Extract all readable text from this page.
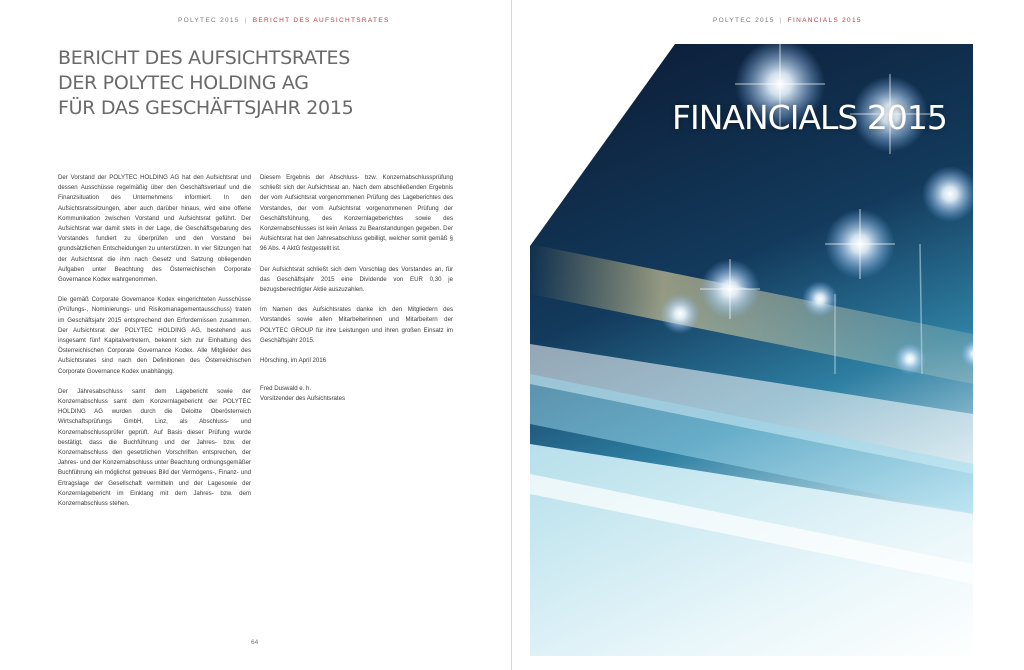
POLYTEC 2015 | BERICHT DES AUFSICHTSRATES
BERICHT DES AUFSICHTSRATES
DER POLYTEC HOLDING AG
FÜR DAS GESCHÄFTSJAHR 2015

Der Vorstand der POLYTEC HOLDING AG hat den Aufsichtsrat und dessen Ausschüsse regelmäßig über den Geschäftsverlauf und die Finanzsituation des Unternehmens informiert. In den Aufsichtsratssitzungen, aber auch darüber hinaus, wird eine offene Kommunikation zwischen Vorstand und Aufsichtsrat geführt. Der Aufsichtsrat war damit stets in der Lage, die Geschäftsgebarung des Vorstandes fundiert zu überprüfen und den Vorstand bei grundsätzlichen Entscheidungen zu unterstützen. In vier Sitzungen hat der Aufsichtsrat die ihm nach Gesetz und Satzung obliegenden Aufgaben unter Beachtung des Österreichischen Corporate Governance Kodex wahrgenommen.

Die gemäß Corporate Governance Kodex eingerichteten Ausschüsse (Prüfungs-, Nominierungs- und Risikomanagementausschuss) traten im Geschäftsjahr 2015 entsprechend den Erfordernissen zusammen. Der Aufsichtsrat der POLYTEC HOLDING AG, bestehend aus insgesamt fünf Kapitalvertretern, bekennt sich zur Einhaltung des Österreichischen Corporate Governance Kodex. Alle Mitglieder des Aufsichtsrates sind nach den Definitionen des Österreichischen Corporate Governance Kodex unabhängig.

Der Jahresabschluss samt dem Lagebericht sowie der Konzernabschluss samt dem Konzernlagebericht der POLYTEC HOLDING AG wurden durch die Deloitte Oberösterreich Wirtschaftsprüfungs GmbH, Linz, als Abschluss- und Konzernabschlussprüfer geprüft. Auf Basis dieser Prüfung wurde bestätigt, dass die Buchführung und der Jahres- bzw. der Konzernabschluss den gesetzlichen Vorschriften entsprechen, der Jahres- und der Konzernabschluss unter Beachtung ordnungsgemäßer Buchführung ein möglichst getreues Bild der Vermögens-, Finanz- und Ertragslage der Gesellschaft vermitteln und der Lagesowie der Konzernlagebericht im Einklang mit dem Jahres- bzw. dem Konzernabschluss stehen.

Diesem Ergebnis der Abschluss- bzw. Konzernabschlussprüfung schließt sich der Aufsichtsrat an. Nach dem abschließenden Ergebnis der vom Aufsichtsrat vorgenommenen Prüfung des Lageberichtes des Vorstandes, der vom Aufsichtsrat vorgenommenen Prüfung der Geschäftsführung, des Konzernlageberichtes sowie des Konzernabschlusses ist kein Anlass zu Beanstandungen gegeben. Der Aufsichtsrat hat den Jahresabschluss gebilligt, welcher somit gemäß § 96 Abs. 4 AktG festgestellt ist.

Der Aufsichtsrat schließt sich dem Vorschlag des Vorstandes an, für das Geschäftsjahr 2015 eine Dividende von EUR 0,30 je bezugsberechtigter Aktie auszuzahlen.

Im Namen des Aufsichtsrates danke ich den Mitgliedern des Vorstandes sowie allen Mitarbeiterinnen und Mitarbeitern der POLYTEC GROUP für ihre Leistungen und ihren großen Einsatz im Geschäftsjahr 2015.

Hörsching, im April 2016

Fred Duswald e. h.
Vorsitzender des Aufsichtsrates

64
POLYTEC 2015 | FINANCIALS 2015
FINANCIALS 2015
